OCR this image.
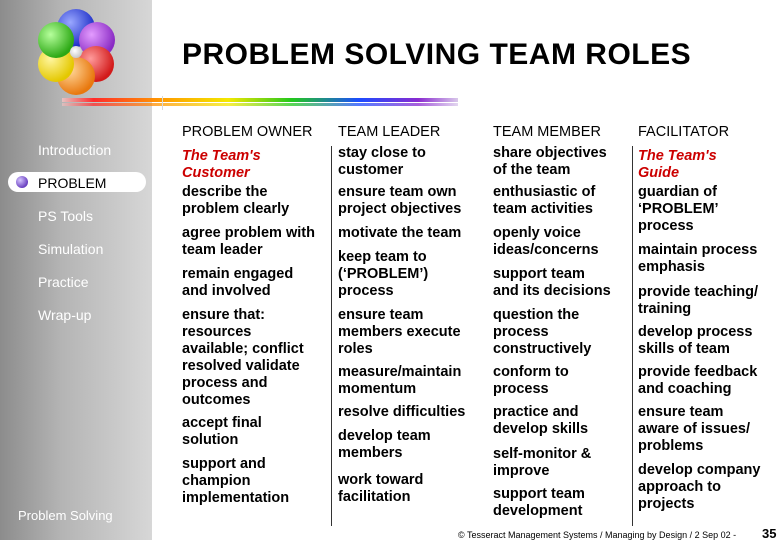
Introduction
PROBLEM
PS Tools
Simulation
Practice
Wrap-up
Problem Solving
PROBLEM SOLVING TEAM ROLES
PROBLEM OWNER
The Team's
Customer
describe the
problem clearly
agree problem with
team leader
remain engaged
and involved
ensure that:
resources
available; conflict
resolved validate
process and
outcomes
accept final
solution
support and
champion
implementation
TEAM LEADER
stay close to
customer
ensure team own
project objectives
motivate the team
keep team to
(‘PROBLEM’)
process
ensure team
members execute
roles
measure/maintain
momentum
resolve difficulties
develop team
members
work toward
facilitation
TEAM MEMBER
share objectives
of the team
enthusiastic of
team activities
openly voice
ideas/concerns
support team
and its decisions
question the
process
constructively
conform to
process
practice and
develop skills
self-monitor &
improve
support team
development
FACILITATOR
The Team's
Guide
guardian of
‘PROBLEM’
process
maintain process
emphasis
provide teaching/
training
develop process
skills of team
provide feedback
and coaching
ensure team
aware of issues/
problems
develop company
approach to
projects
© Tesseract Management Systems / Managing by Design / 2 Sep 02 - 35
